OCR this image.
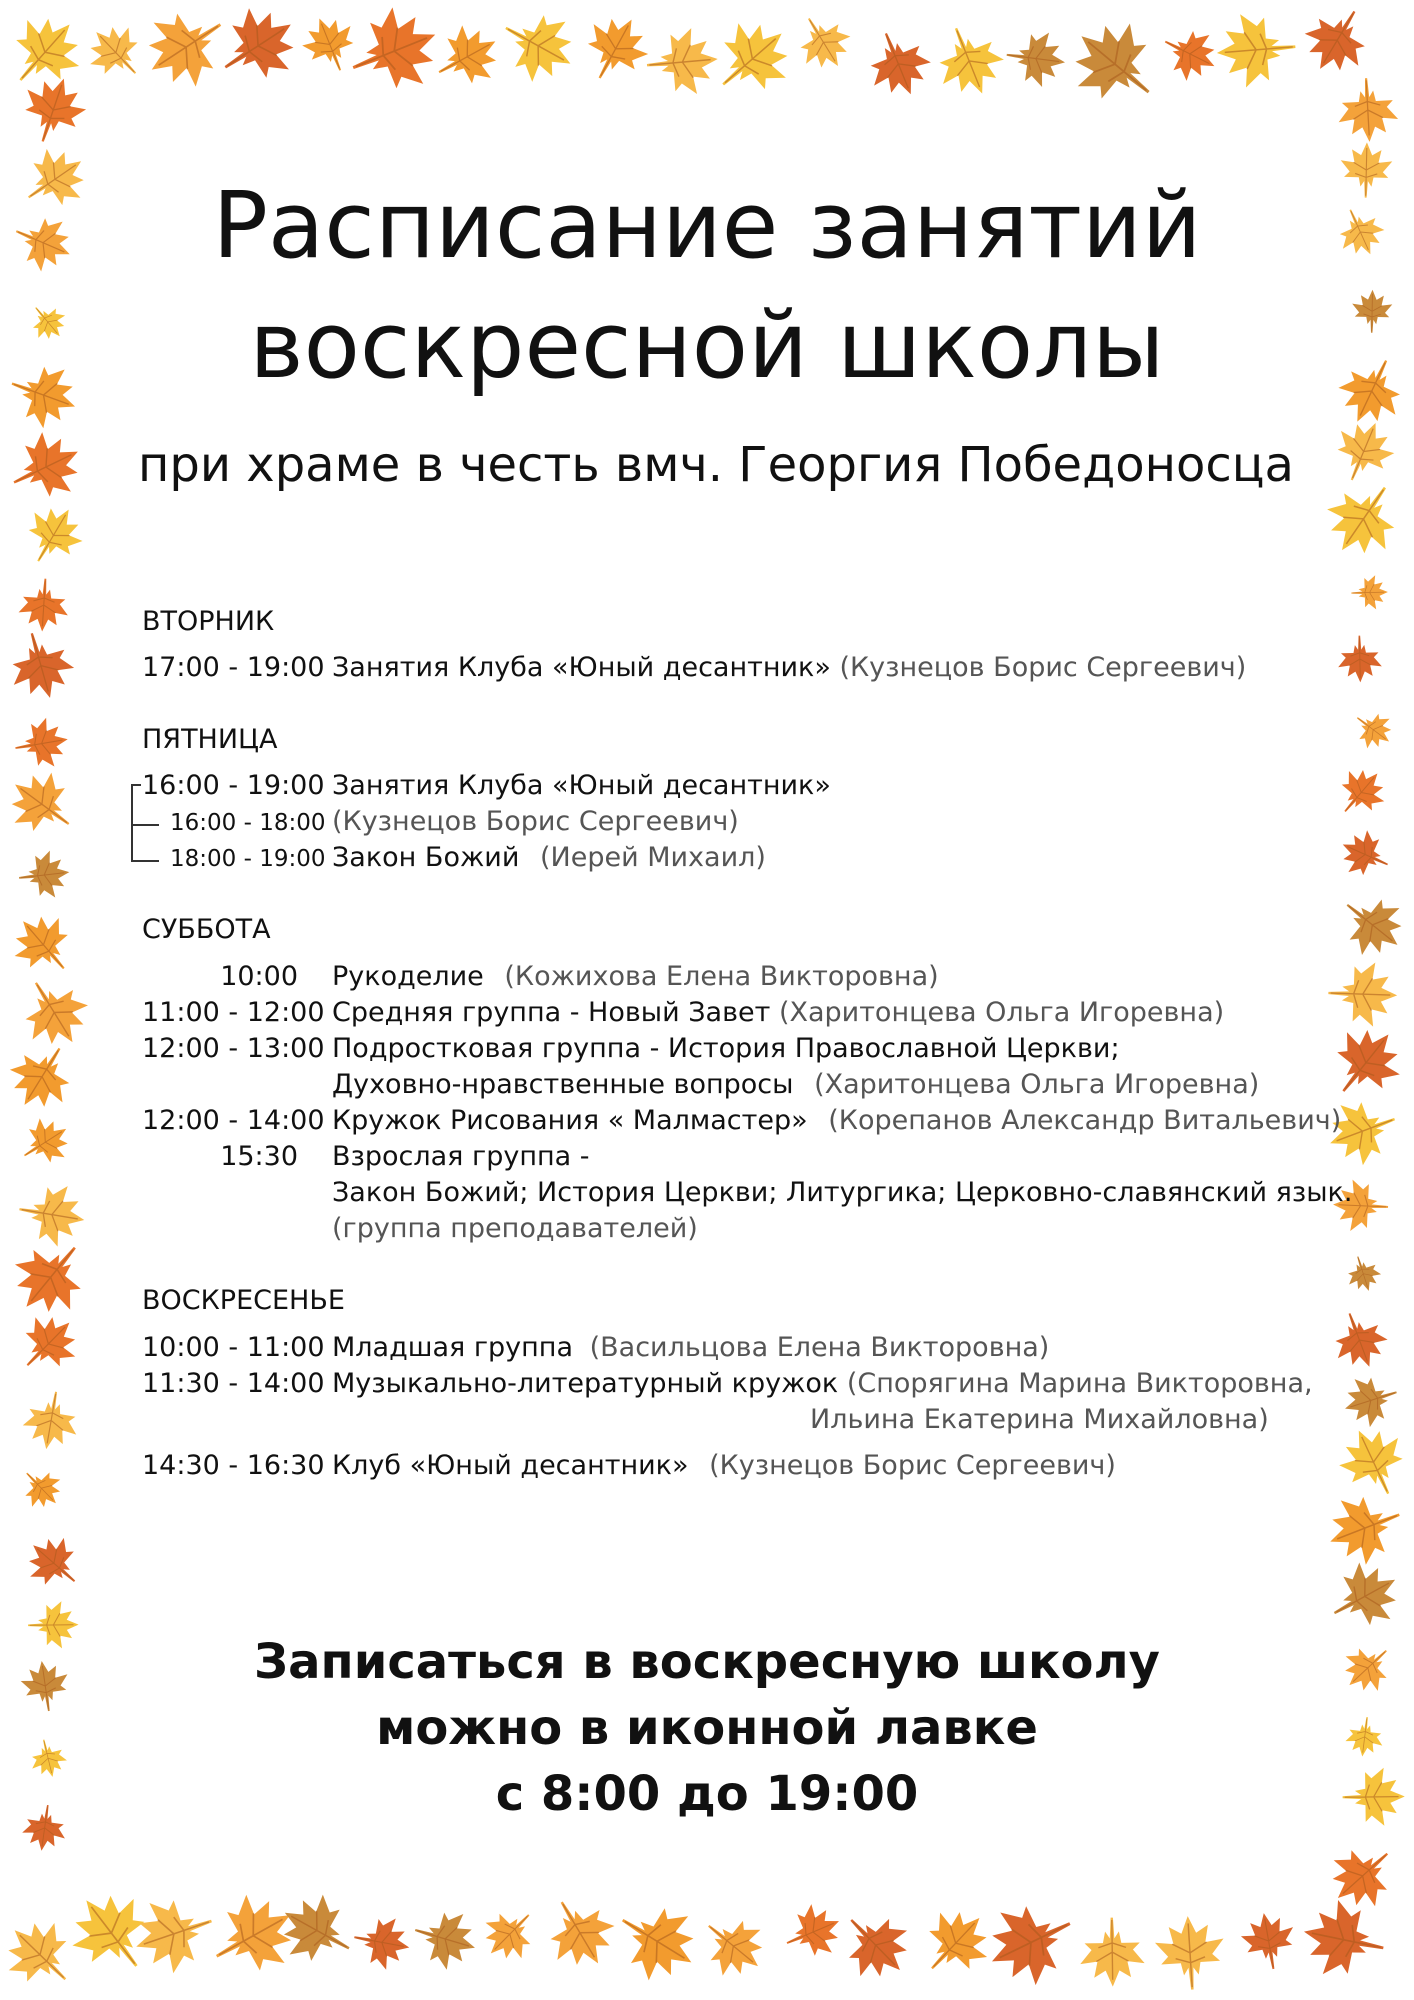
Расписание занятий
воскресной школы
при храме в честь вмч. Георгия Победоносца
ВТОРНИК
17:00 - 19:00 Занятия Клуба «Юный десантник» (Кузнецов Борис Сергеевич)
ПЯТНИЦА
16:00 - 19:00 Занятия Клуба «Юный десантник»
16:00 - 18:00 (Кузнецов Борис Сергеевич)
18:00 - 19:00 Закон Божий (Иерей Михаил)
СУББОТА
10:00 Рукоделие (Кожихова Елена Викторовна)
11:00 - 12:00 Средняя группа - Новый Завет (Харитонцева Ольга Игоревна)
12:00 - 13:00 Подростковая группа - История Православной Церкви;
Духовно-нравственные вопросы (Харитонцева Ольга Игоревна)
12:00 - 14:00 Кружок Рисования « Малмастер» (Корепанов Александр Витальевич)
15:30 Взрослая группа -
Закон Божий; История Церкви; Литургика; Церковно-славянский язык.
(группа преподавателей)
ВОСКРЕСЕНЬЕ
10:00 - 11:00 Младшая группа (Васильцова Елена Викторовна)
11:30 - 14:00 Музыкально-литературный кружок (Спорягина Марина Викторовна,
Ильина Екатерина Михайловна)
14:30 - 16:30 Клуб «Юный десантник» (Кузнецов Борис Сергеевич)
Записаться в воскресную школу
можно в иконной лавке
с 8:00 до 19:00
